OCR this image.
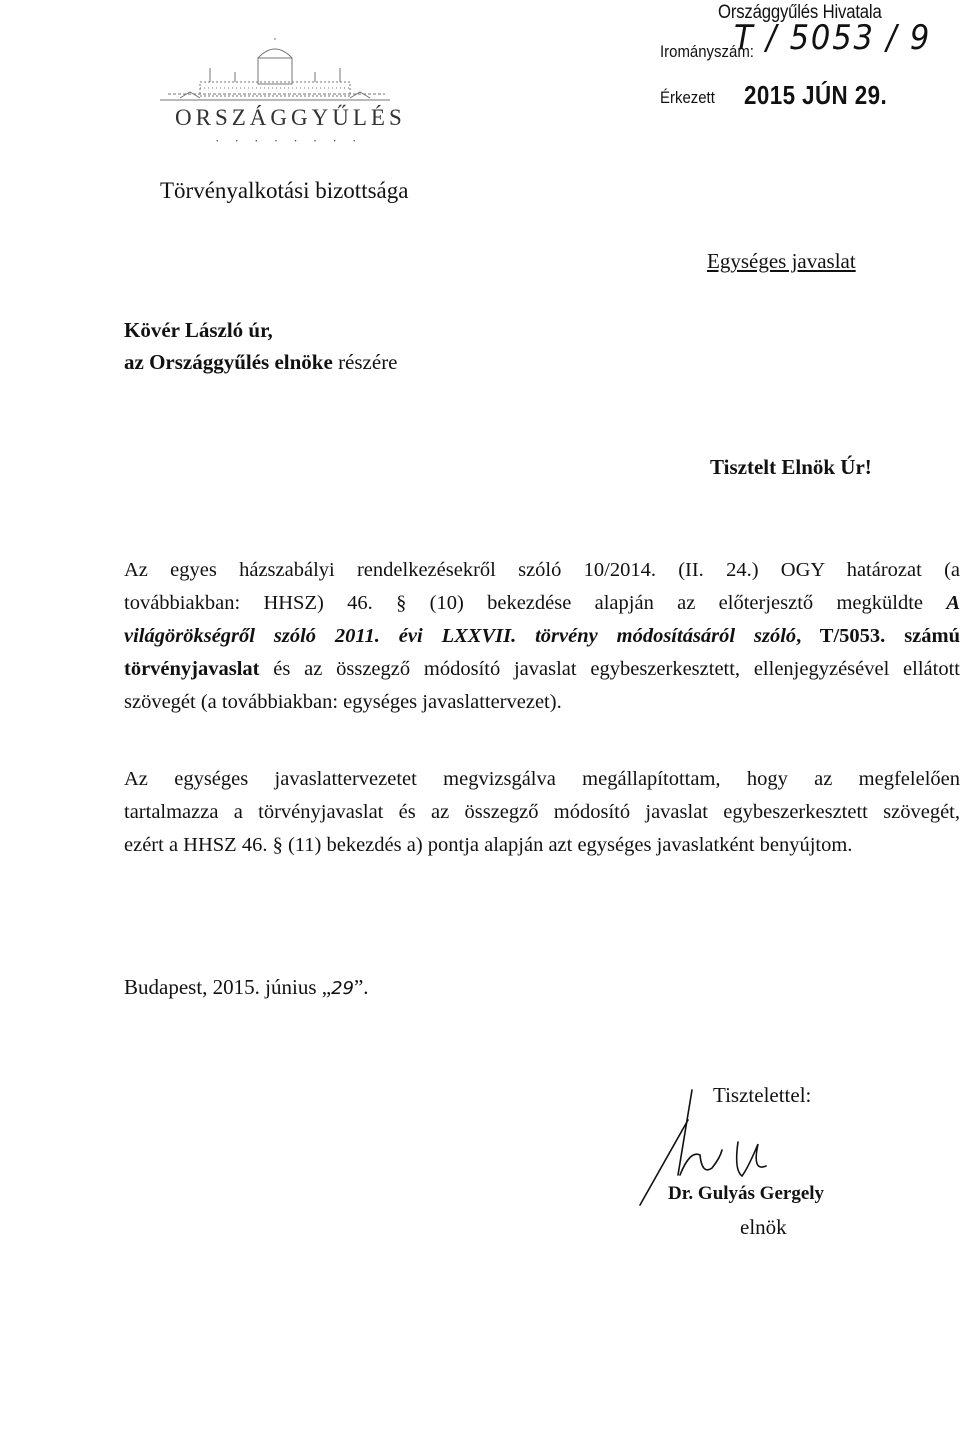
Országgyűlés Hivatala
Irományszám:
T / 5053 / 9
Érkezett 2015 JÚN 29.
ORSZÁGGYŰLÉS
· · · · · · · ·
Törvényalkotási bizottsága
Egységes javaslat
Kövér László úr,
az Országgyűlés elnöke részére
Tisztelt Elnök Úr!
Az egyes házszabályi rendelkezésekről szóló 10/2014. (II. 24.) OGY határozat (a
továbbiakban: HHSZ) 46. § (10) bekezdése alapján az előterjesztő megküldte A
világörökségről szóló 2011. évi LXXVII. törvény módosításáról szóló, T/5053. számú
törvényjavaslat és az összegző módosító javaslat egybeszerkesztett, ellenjegyzésével ellátott
szövegét (a továbbiakban: egységes javaslattervezet).
Az egységes javaslattervezetet megvizsgálva megállapítottam, hogy az megfelelően
tartalmazza a törvényjavaslat és az összegző módosító javaslat egybeszerkesztett szövegét,
ezért a HHSZ 46. § (11) bekezdés a) pontja alapján azt egységes javaslatként benyújtom.
Budapest, 2015. június „29”.
Tisztelettel:
Dr. Gulyás Gergely
elnök
